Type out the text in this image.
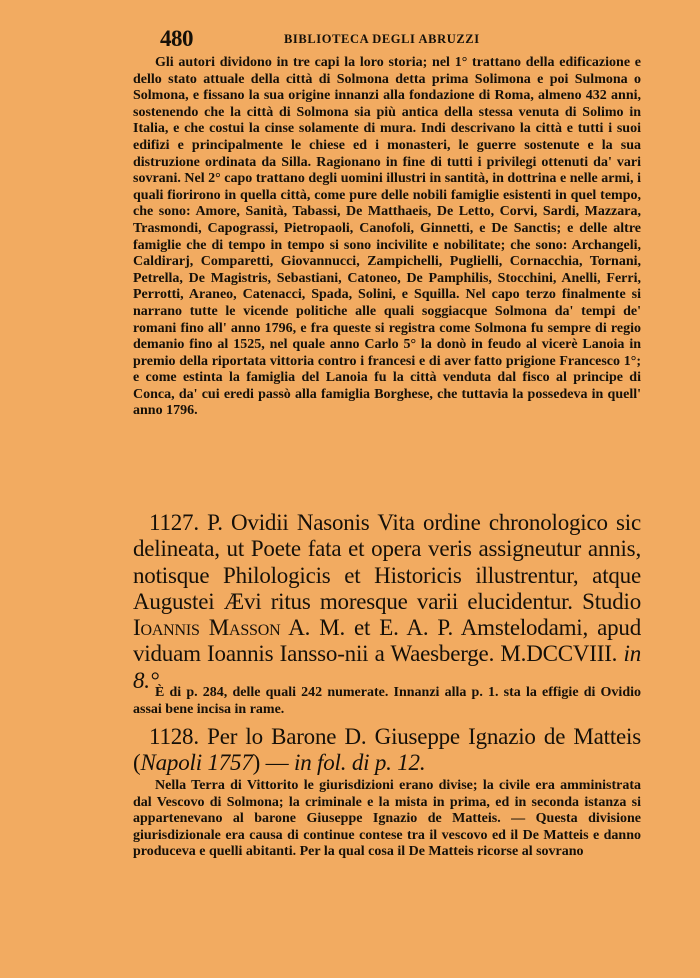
480	BIBLIOTECA DEGLI ABRUZZI

Gli autori dividono in tre capi la loro storia; nel 1° trattano della edificazione e dello stato attuale della città di Solmona detta prima Solimona e poi Sulmona o Solmona, e fissano la sua origine innanzi alla fondazione di Roma, almeno 432 anni, sostenendo che la città di Solmona sia più antica della stessa venuta di Solimo in Italia, e che costui la cinse solamente di mura. Indi descrivano la città e tutti i suoi edifizi e principalmente le chiese ed i monasteri, le guerre sostenute e la sua distruzione ordinata da Silla. Ragionano in fine di tutti i privilegi ottenuti da' vari sovrani. Nel 2° capo trattano degli uomini illustri in santità, in dottrina e nelle armi, i quali fiorirono in quella città, come pure delle nobili famiglie esistenti in quel tempo, che sono: Amore, Sanità, Tabassi, De Matthaeis, De Letto, Corvi, Sardi, Mazzara, Trasmondi, Capograssi, Pietropaoli, Canofoli, Ginnetti, e De Sanctis; e delle altre famiglie che di tempo in tempo si sono incivilite e nobilitate; che sono: Archangeli, Caldirarj, Comparetti, Giovannucci, Zampichelli, Puglielli, Cornacchia, Tornani, Petrella, De Magistris, Sebastiani, Catoneo, De Pamphilis, Stocchini, Anelli, Ferri, Perrotti, Araneo, Catenacci, Spada, Solini, e Squilla. Nel capo terzo finalmente si narrano tutte le vicende politiche alle quali soggiacque Solmona da' tempi de' romani fino all' anno 1796, e fra queste si registra come Solmona fu sempre di regio demanio fino al 1525, nel quale anno Carlo 5° la donò in feudo al vicerè Lanoia in premio della riportata vittoria contro i francesi e di aver fatto prigione Francesco 1°; e come estinta la famiglia del Lanoia fu la città venduta dal fisco al principe di Conca, da' cui eredi passò alla famiglia Borghese, che tuttavia la possedeva in quell' anno 1796.

1127. P. Ovidii Nasonis Vita ordine chronologico sic delineata, ut Poete fata et opera veris assigneutur annis, notisque Philologicis et Historicis illustrentur, atque Augustei Ævi ritus moresque varii elucidentur. Studio Ioannis Masson A. M. et E. A. P. Amstelodami, apud viduam Ioannis Iansso-nii a Waesberge. M.DCCVIII. in 8.°

È di p. 284, delle quali 242 numerate. Innanzi alla p. 1. sta la effigie di Ovidio assai bene incisa in rame.

1128. Per lo Barone D. Giuseppe Ignazio de Matteis (Napoli 1757) — in fol. di p. 12.

Nella Terra di Vittorito le giurisdizioni erano divise; la civile era amministrata dal Vescovo di Solmona; la criminale e la mista in prima, ed in seconda istanza si appartenevano al barone Giuseppe Ignazio de Matteis. — Questa divisione giurisdizionale era causa di continue contese tra il vescovo ed il De Matteis e danno produceva e quelli abitanti. Per la qual cosa il De Matteis ricorse al sovrano
